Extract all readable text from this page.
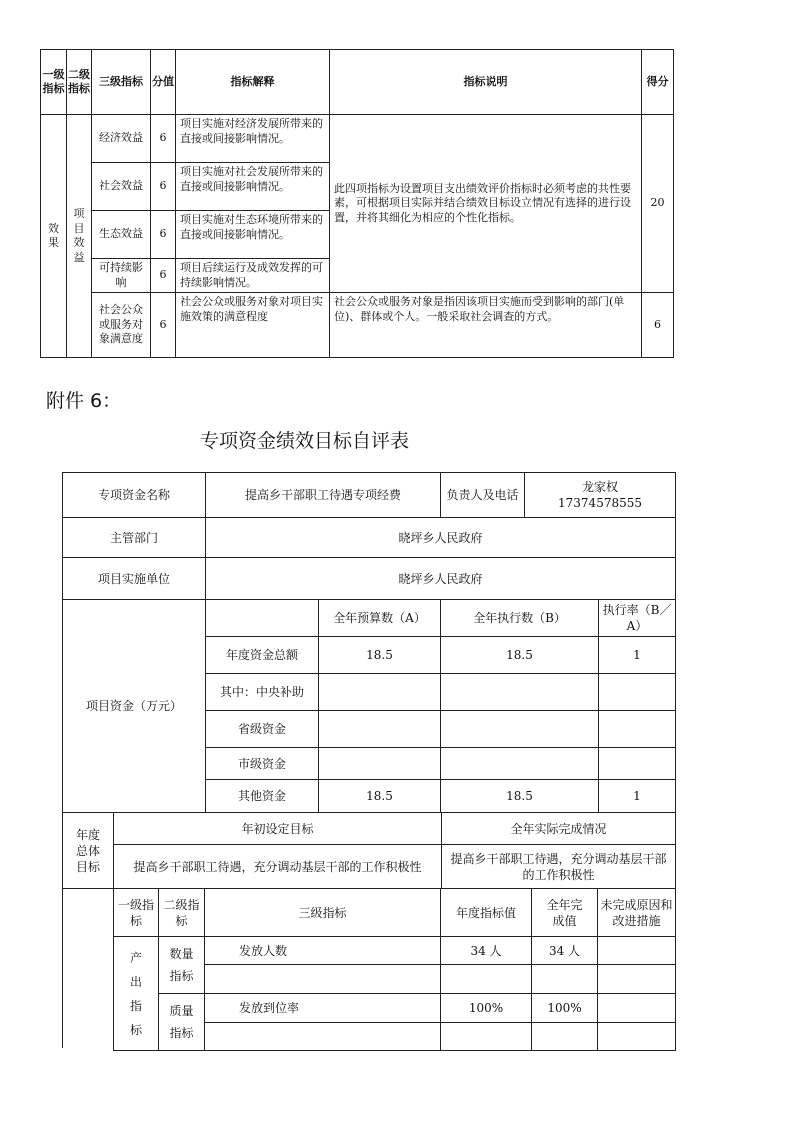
一级指标	二级指标	三级指标	分值	指标解释	指标说明	得分
效果	项目效益	经济效益	6	项目实施对经济发展所带来的直接或间接影响情况。	此四项指标为设置项目支出绩效评价指标时必须考虑的共性要素，可根据项目实际并结合绩效目标设立情况有选择的进行设置，并将其细化为相应的个性化指标。	20
		社会效益	6	项目实施对社会发展所带来的直接或间接影响情况。		
		生态效益	6	项目实施对生态环境所带来的直接或间接影响情况。		
		可持续影响	6	项目后续运行及成效发挥的可持续影响情况。		
		社会公众或服务对象满意度	6	社会公众或服务对象对项目实施效策的满意程度	社会公众或服务对象是指因该项目实施而受到影响的部门(单位)、群体或个人。一般采取社会调查的方式。	6
附件 6：
专项资金绩效目标自评表
专项资金名称	提高乡干部职工待遇专项经费	负责人及电话	龙家权
17374578555

主管部门	晓坪乡人民政府		
项目实施单位	晓坪乡人民政府		
项目资金（万元）		全年预算数（A）	全年执行数（B）	执行率（B／A）
	年度资金总额	18.5	18.5	1
	其中：中央补助			
	省级资金			
	市级资金			
	其他资金	18.5	18.5	1
年度总体目标	年初设定目标	全年实际完成情况
	提高乡干部职工待遇，充分调动基层干部的工作积极性	提高乡干部职工待遇，充分调动基层干部的工作积极性
一级指标	二级指标	三级指标	年度指标值	全年完成值	未完成原因和改进措施
产出指标	数量指标	发放人数	34 人	34 人	

	质量指标	发放到位率	100%	100%	
